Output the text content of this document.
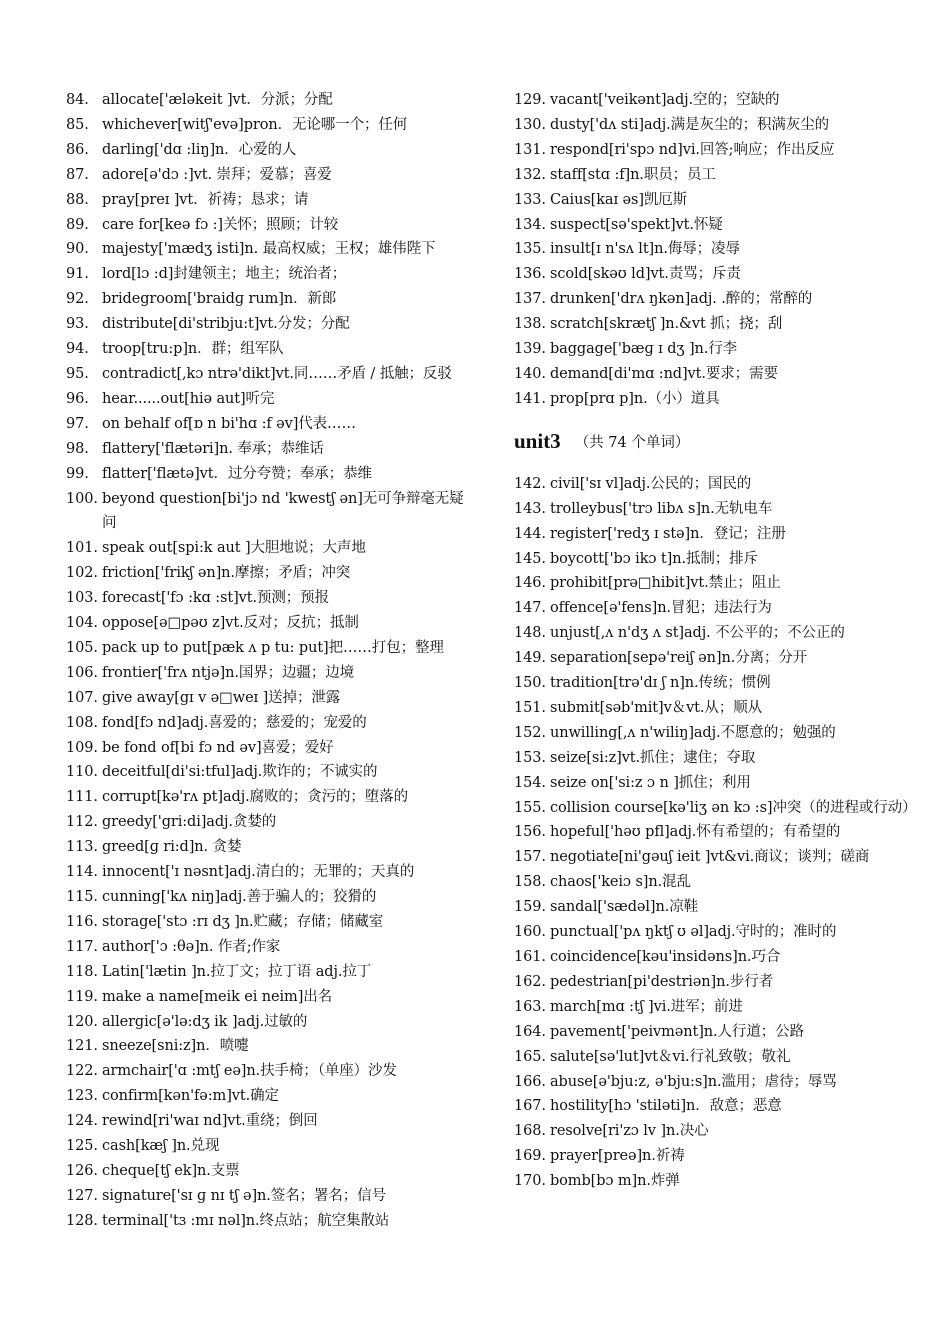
84. allocate['æləkeit ]vt．分派；分配
85. whichever[witʃ'evə]pron．无论哪一个；任何
86. darling['dɑ :liŋ]n．心爱的人
87. adore[ə'dɔ :]vt. 崇拜；爱慕；喜爱
88. pray[preɪ ]vt．祈祷；恳求；请
89. care for[keə fɔ :]关怀；照顾；计较
90. majesty['mædʒ isti]n. 最高权威；王权；雄伟陛下
91. lord[lɔ :d]封建领主；地主；统治者；
92. bridegroom['braidɡ rum]n．新郎
93. distribute[di'stribju:t]vt.分发；分配
94. troop[tru:p]n．群；组军队
95. contradict[,kɔ ntrə'dikt]vt.同……矛盾 / 抵触；反驳
96. hear......out[hiə aut]听完
97. on behalf of[ɒ n bi'hɑ :f əv]代表……
98. flattery['flætəri]n. 奉承；恭维话
99. flatter['flætə]vt．过分夸赞；奉承；恭维
100. beyond question[bi'jɔ nd 'kwestʃ ən]无可争辩毫无疑问
101. speak out[spi:k aut ]大胆地说；大声地
102. friction['frikʃ ən]n.摩擦；矛盾；冲突
103. forecast['fɔ :kɑ :st]vt.预测；预报
104. oppose[ə□pəʊ z]vt.反对；反抗；抵制
105. pack up to put[pæk ʌ p tu: put]把……打包；整理
106. frontier['frʌ ntjə]n.国界；边疆；边境
107. give away[gɪ v ə□weɪ ]送掉；泄露
108. fond[fɔ nd]adj.喜爱的；慈爱的；宠爱的
109. be fond of[bi fɔ nd əv]喜爱；爱好
110. deceitful[di'si:tful]adj.欺诈的；不诚实的
111. corrupt[kə'rʌ pt]adj.腐败的；贪污的；堕落的
112. greedy['gri:di]adj.贪婪的
113. greed[ɡ ri:d]n. 贪婪
114. innocent['ɪ nəsnt]adj.清白的；无罪的；天真的
115. cunning['kʌ niŋ]adj.善于骗人的；狡猾的
116. storage['stɔ :rɪ dʒ ]n.贮藏；存储；储藏室
117. author['ɔ :θə]n. 作者;作家
118. Latin['lætin ]n.拉丁文；拉丁语 adj.拉丁
119. make a name[meik ei neim]出名
120. allergic[ə'lə:dʒ ik ]adj.过敏的
121. sneeze[sni:z]n．喷嚏
122. armchair['ɑ :mtʃ eə]n.扶手椅；（单座）沙发
123. confirm[kən'fə:m]vt.确定
124. rewind[ri'waɪ nd]vt.重绕；倒回
125. cash[kæʃ ]n.兑现
126. cheque[tʃ ek]n.支票
127. signature['sɪ ɡ nɪ tʃ ə]n.签名；署名；信号
128. terminal['tɜ :mɪ nəl]n.终点站；航空集散站
129. vacant['veikənt]adj.空的；空缺的
130. dusty['dʌ sti]adj.满是灰尘的；积满灰尘的
131. respond[ri'spɔ nd]vi.回答;响应；作出反应
132. staff[stɑ :f]n.职员；员工
133. Caius[kaɪ əs]凯厄斯
134. suspect[sə'spekt]vt.怀疑
135. insult[ɪ n'sʌ lt]n.侮辱；凌辱
136. scold[skəʊ ld]vt.责骂；斥责
137. drunken['drʌ ŋkən]adj. .醉的；常醉的
138. scratch[skrætʃ ]n.&vt 抓；挠；刮
139. baggage['bæɡ ɪ dʒ ]n.行李
140. demand[di'mɑ :nd]vt.要求；需要
141. prop[prɑ p]n.（小）道具
unit3 （共 74 个单词）
142. civil['sɪ vl]adj.公民的；国民的
143. trolleybus['trɔ libʌ s]n.无轨电车
144. register['redʒ ɪ stə]n．登记；注册
145. boycott['bɔ ikɔ t]n.抵制；排斥
146. prohibit[prə□hibit]vt.禁止；阻止
147. offence[ə'fens]n.冒犯；违法行为
148. unjust[,ʌ n'dʒ ʌ st]adj. 不公平的；不公正的
149. separation[sepə'reiʃ ən]n.分离；分开
150. tradition[trə'dɪ ʃ n]n.传统；惯例
151. submit[səb'mit]v＆vt.从；顺从
152. unwilling[,ʌ n'wiliŋ]adj.不愿意的；勉强的
153. seize[si:z]vt.抓住；逮住；夺取
154. seize on['si:z ɔ n ]抓住；利用
155. collision course[kə'liʒ ən kɔ :s]冲突（的进程或行动）
156. hopeful['həʊ pfl]adj.怀有希望的；有希望的
157. negotiate[ni'gəuʃ ieit ]vt&vi.商议；谈判；磋商
158. chaos['keiɔ s]n.混乱
159. sandal['sædəl]n.凉鞋
160. punctual['pʌ ŋktʃ ʊ əl]adj.守时的；准时的
161. coincidence[kəu'insidəns]n.巧合
162. pedestrian[pi'destriən]n.步行者
163. march[mɑ :tʃ ]vi.进军；前进
164. pavement['peivmənt]n.人行道；公路
165. salute[sə'lut]vt＆vi.行礼致敬；敬礼
166. abuse[ə'bju:z, ə'bju:s]n.滥用；虐待；辱骂
167. hostility[hɔ 'stiləti]n．敌意；恶意
168. resolve[ri'zɔ lv ]n.决心
169. prayer[preə]n.祈祷
170. bomb[bɔ m]n.炸弹
